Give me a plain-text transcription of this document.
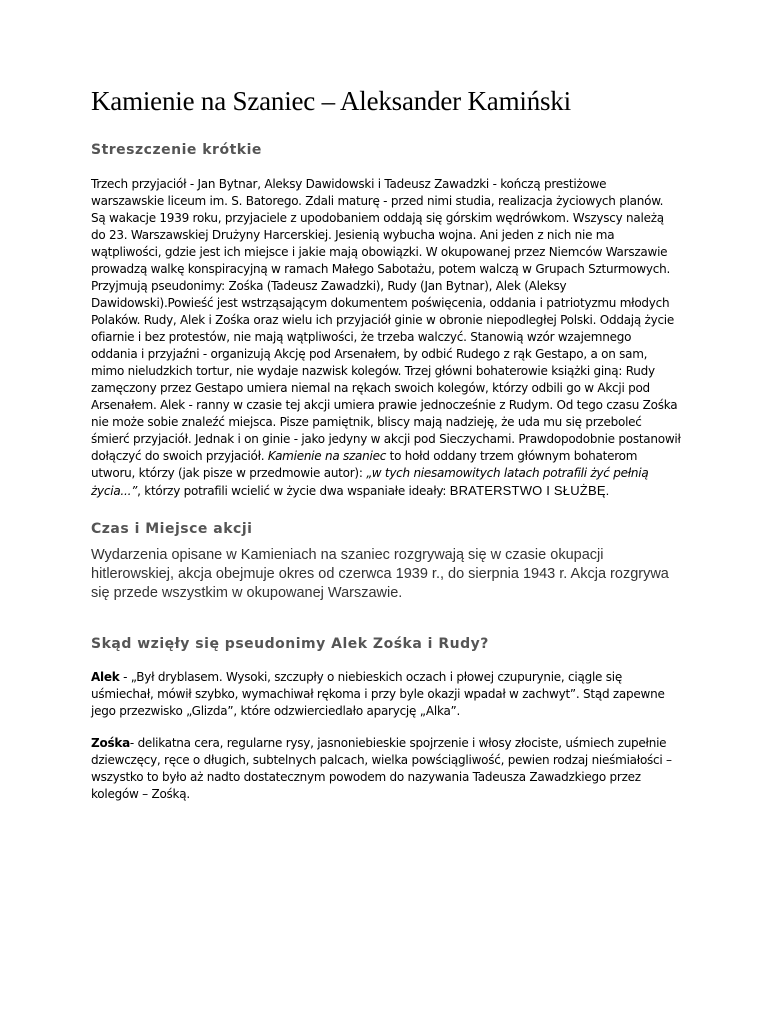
Kamienie na Szaniec – Aleksander Kamiński
Streszczenie krótkie

Trzech przyjaciół - Jan Bytnar, Aleksy Dawidowski i Tadeusz Zawadzki - kończą prestiżowe warszawskie liceum im. S. Batorego. Zdali maturę - przed nimi studia, realizacja życiowych planów. Są wakacje 1939 roku, przyjaciele z upodobaniem oddają się górskim wędrówkom. Wszyscy należą do 23. Warszawskiej Drużyny Harcerskiej. Jesienią wybucha wojna. Ani jeden z nich nie ma wątpliwości, gdzie jest ich miejsce i jakie mają obowiązki. W okupowanej przez Niemców Warszawie prowadzą walkę konspiracyjną w ramach Małego Sabotażu, potem walczą w Grupach Szturmowych. Przyjmują pseudonimy: Zośka (Tadeusz Zawadzki), Rudy (Jan Bytnar), Alek (Aleksy Dawidowski).Powieść jest wstrząsającym dokumentem poświęcenia, oddania i patriotyzmu młodych Polaków. Rudy, Alek i Zośka oraz wielu ich przyjaciół ginie w obronie niepodległej Polski. Oddają życie ofiarnie i bez protestów, nie mają wątpliwości, że trzeba walczyć. Stanowią wzór wzajemnego oddania i przyjaźni - organizują Akcję pod Arsenałem, by odbić Rudego z rąk Gestapo, a on sam, mimo nieludzkich tortur, nie wydaje nazwisk kolegów. Trzej główni bohaterowie książki giną: Rudy zamęczony przez Gestapo umiera niemal na rękach swoich kolegów, którzy odbili go w Akcji pod Arsenałem. Alek - ranny w czasie tej akcji umiera prawie jednocześnie z Rudym. Od tego czasu Zośka nie może sobie znaleźć miejsca. Pisze pamiętnik, bliscy mają nadzieję, że uda mu się przeboleć śmierć przyjaciół. Jednak i on ginie - jako jedyny w akcji pod Sieczychami. Prawdopodobnie postanowił dołączyć do swoich przyjaciół. Kamienie na szaniec to hołd oddany trzem głównym bohaterom utworu, którzy (jak pisze w przedmowie autor): „w tych niesamowitych latach potrafili żyć pełnią życia...”, którzy potrafili wcielić w życie dwa wspaniałe ideały: BRATERSTWO I SŁUŻBĘ.

Czas i Miejsce akcji

Wydarzenia opisane w Kamieniach na szaniec rozgrywają się w czasie okupacji hitlerowskiej, akcja obejmuje okres od czerwca 1939 r., do sierpnia 1943 r. Akcja rozgrywa się przede wszystkim w okupowanej Warszawie.

Skąd wzięły się pseudonimy Alek Zośka i Rudy?

Alek - „Był dryblasem. Wysoki, szczupły o niebieskich oczach i płowej czupurynie, ciągle się uśmiechał, mówił szybko, wymachiwał rękoma i przy byle okazji wpadał w zachwyt”. Stąd zapewne jego przezwisko „Glizda”, które odzwierciedlało aparycję „Alka”.

Zośka- delikatna cera, regularne rysy, jasnoniebieskie spojrzenie i włosy złociste, uśmiech zupełnie dziewczęcy, ręce o długich, subtelnych palcach, wielka powściągliwość, pewien rodzaj nieśmiałości – wszystko to było aż nadto dostatecznym powodem do nazywania Tadeusza Zawadzkiego przez kolegów – Zośką.
